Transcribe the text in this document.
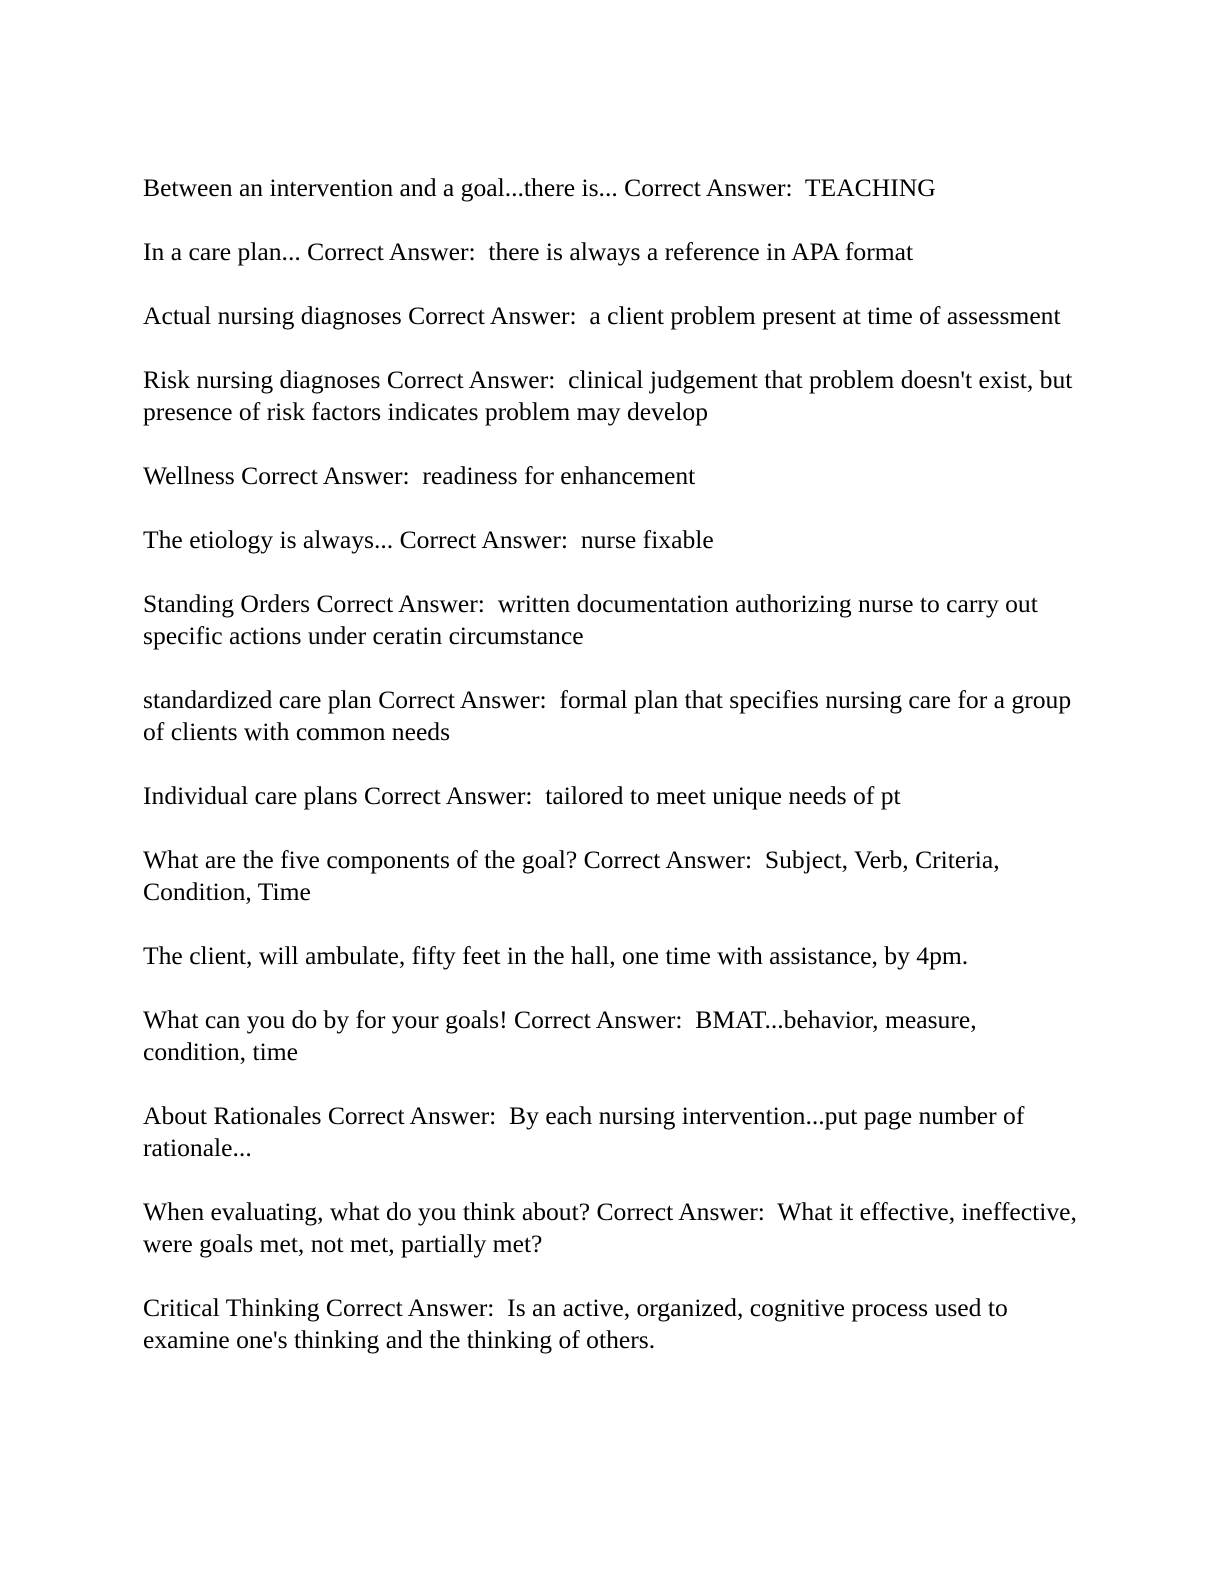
Between an intervention and a goal...there is... Correct Answer:  TEACHING

In a care plan... Correct Answer:  there is always a reference in APA format

Actual nursing diagnoses Correct Answer:  a client problem present at time of assessment

Risk nursing diagnoses Correct Answer:  clinical judgement that problem doesn't exist, but presence of risk factors indicates problem may develop

Wellness Correct Answer:  readiness for enhancement

The etiology is always... Correct Answer:  nurse fixable

Standing Orders Correct Answer:  written documentation authorizing nurse to carry out specific actions under ceratin circumstance

standardized care plan Correct Answer:  formal plan that specifies nursing care for a group of clients with common needs

Individual care plans Correct Answer:  tailored to meet unique needs of pt

What are the five components of the goal? Correct Answer:  Subject, Verb, Criteria, Condition, Time

The client, will ambulate, fifty feet in the hall, one time with assistance, by 4pm.

What can you do by for your goals! Correct Answer:  BMAT...behavior, measure, condition, time

About Rationales Correct Answer:  By each nursing intervention...put page number of rationale...

When evaluating, what do you think about? Correct Answer:  What it effective, ineffective, were goals met, not met, partially met?

Critical Thinking Correct Answer:  Is an active, organized, cognitive process used to examine one's thinking and the thinking of others.
